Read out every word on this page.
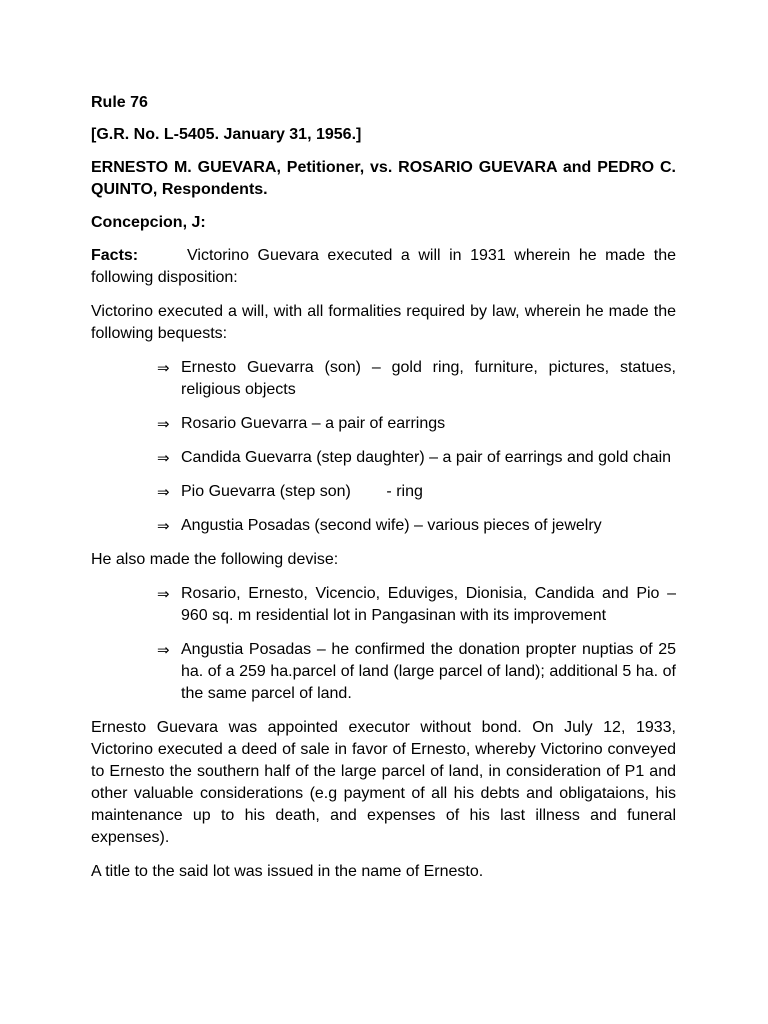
Rule 76
[G.R. No. L-5405. January 31, 1956.]
ERNESTO M. GUEVARA, Petitioner, vs. ROSARIO GUEVARA and PEDRO C. QUINTO, Respondents.
Concepcion, J:

Facts:	Victorino Guevara executed a will in 1931 wherein he made the following disposition:

Victorino executed a will, with all formalities required by law, wherein he made the following bequests:

⇒ Ernesto Guevarra (son) – gold ring, furniture, pictures, statues, religious objects
⇒ Rosario Guevarra – a pair of earrings
⇒ Candida Guevarra (step daughter) – a pair of earrings and gold chain
⇒ Pio Guevarra (step son)        - ring
⇒ Angustia Posadas (second wife) – various pieces of jewelry

He also made the following devise:

⇒ Rosario, Ernesto, Vicencio, Eduviges, Dionisia, Candida and Pio – 960 sq. m residential lot in Pangasinan with its improvement
⇒ Angustia Posadas – he confirmed the donation propter nuptias of 25 ha. of a 259 ha.parcel of land (large parcel of land); additional 5 ha. of the same parcel of land.

Ernesto Guevara was appointed executor without bond. On July 12, 1933, Victorino executed a deed of sale in favor of Ernesto, whereby Victorino conveyed to Ernesto the southern half of the large parcel of land, in consideration of P1 and other valuable considerations (e.g payment of all his debts and obligataions, his maintenance up to his death, and expenses of his last illness and funeral expenses).

A title to the said lot was issued in the name of Ernesto.
